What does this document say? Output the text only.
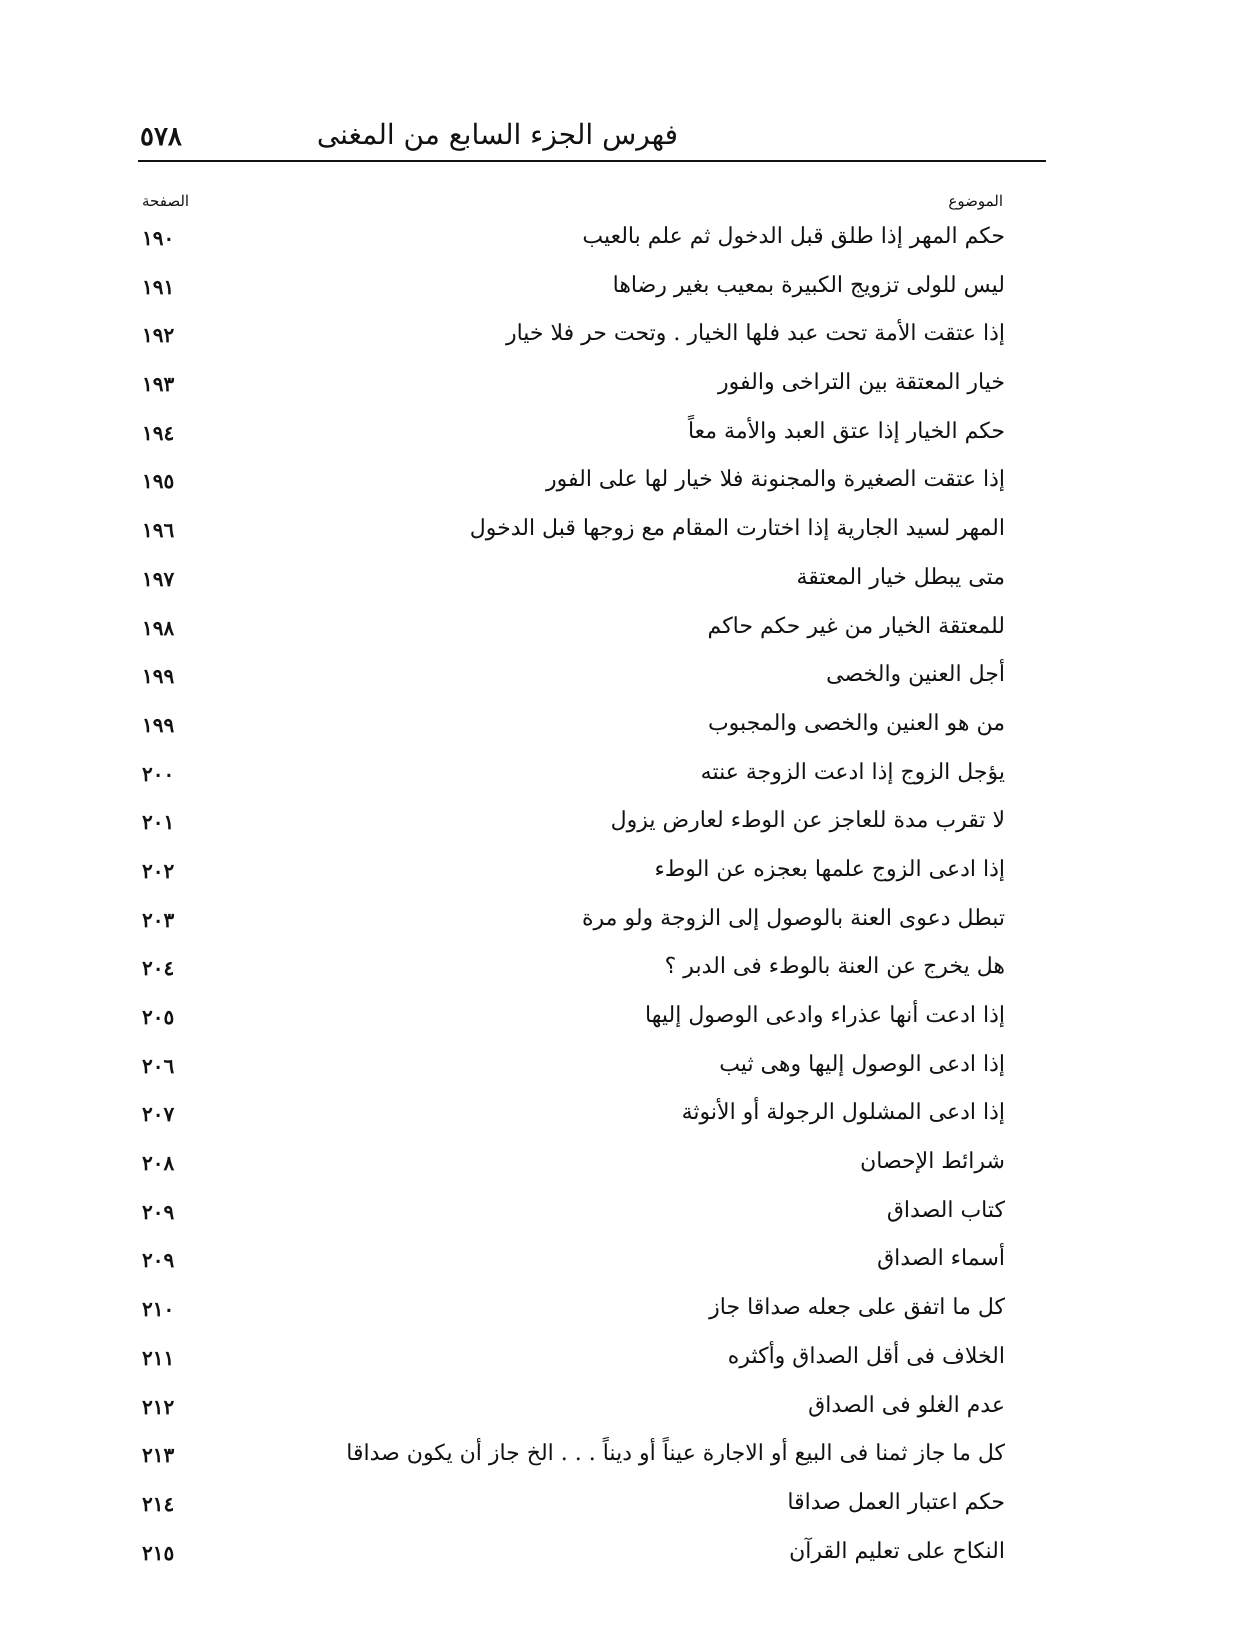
٥٧٨	فهرس الجزء السابع من المغنى
الموضوع
الصفحة
حكم المهر إذا طلق قبل الدخول ثم علم بالعيب
١٩٠
ليس للولى تزويج الكبيرة بمعيب بغير رضاها
١٩١
إذا عتقت الأمة تحت عبد فلها الخيار . وتحت حر فلا خيار
١٩٢
خيار المعتقة بين التراخى والفور
١٩٣
حكم الخيار إذا عتق العبد والأمة معاً
١٩٤
إذا عتقت الصغيرة والمجنونة فلا خيار لها على الفور
١٩٥
المهر لسيد الجارية إذا اختارت المقام مع زوجها قبل الدخول
١٩٦
متى يبطل خيار المعتقة
١٩٧
للمعتقة الخيار من غير حكم حاكم
١٩٨
أجل العنين والخصى
١٩٩
من هو العنين والخصى والمجبوب
١٩٩
يؤجل الزوج إذا ادعت الزوجة عنته
٢٠٠
لا تقرب مدة للعاجز عن الوطء لعارض يزول
٢٠١
إذا ادعى الزوج علمها بعجزه عن الوطء
٢٠٢
تبطل دعوى العنة بالوصول إلى الزوجة ولو مرة
٢٠٣
هل يخرج عن العنة بالوطء فى الدبر ؟
٢٠٤
إذا ادعت أنها عذراء وادعى الوصول إليها
٢٠٥
إذا ادعى الوصول إليها وهى ثيب
٢٠٦
إذا ادعى المشلول الرجولة أو الأنوثة
٢٠٧
شرائط الإحصان
٢٠٨
كتاب الصداق
٢٠٩
أسماء الصداق
٢٠٩
كل ما اتفق على جعله صداقا جاز
٢١٠
الخلاف فى أقل الصداق وأكثره
٢١١
عدم الغلو فى الصداق
٢١٢
كل ما جاز ثمنا فى البيع أو الاجارة عيناً أو ديناً . . . الخ جاز أن يكون صداقا
٢١٣
حكم اعتبار العمل صداقا
٢١٤
النكاح على تعليم القرآن
٢١٥
